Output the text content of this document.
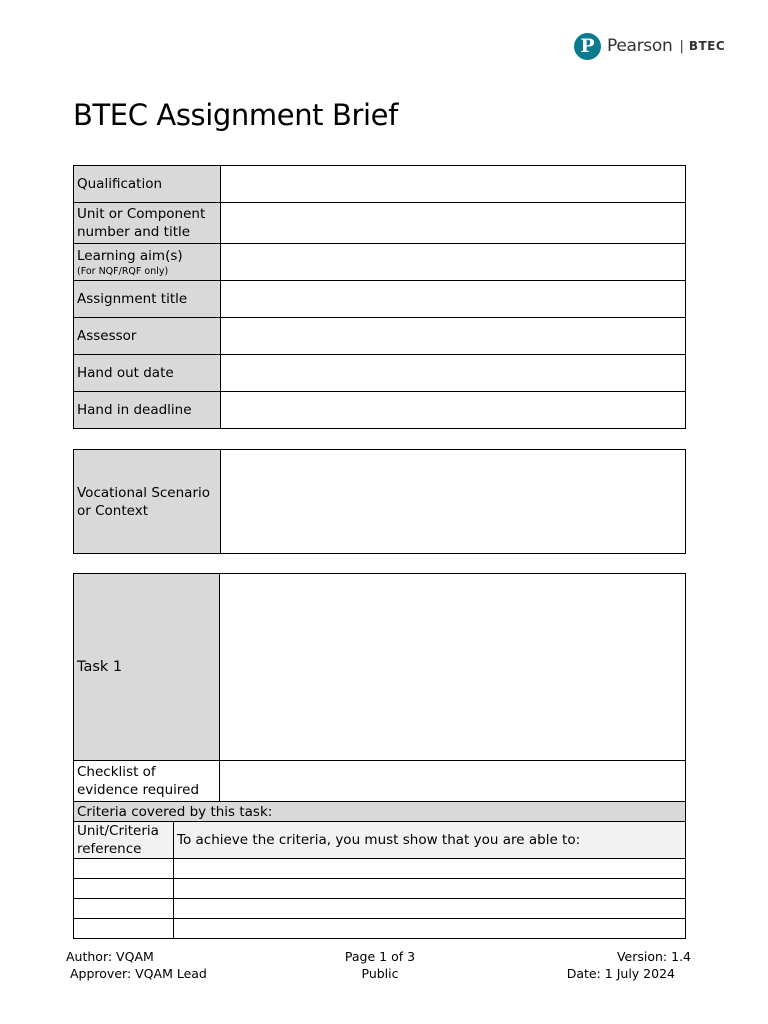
P Pearson | BTEC
BTEC Assignment Brief
Qualification	
Unit or Component number and title	
Learning aim(s)
(For NQF/RQF only)	

Assignment title	
Assessor	
Hand out date	
Hand in deadline	
Vocational Scenario or Context	
Task 1		
Checklist of evidence required		
Criteria covered by this task:		
Unit/Criteria reference	To achieve the criteria, you must show that you are able to:	

Author: VQAM
Approver: VQAM Lead
Page 1 of 3
Public
Version: 1.4
Date: 1 July 2024
